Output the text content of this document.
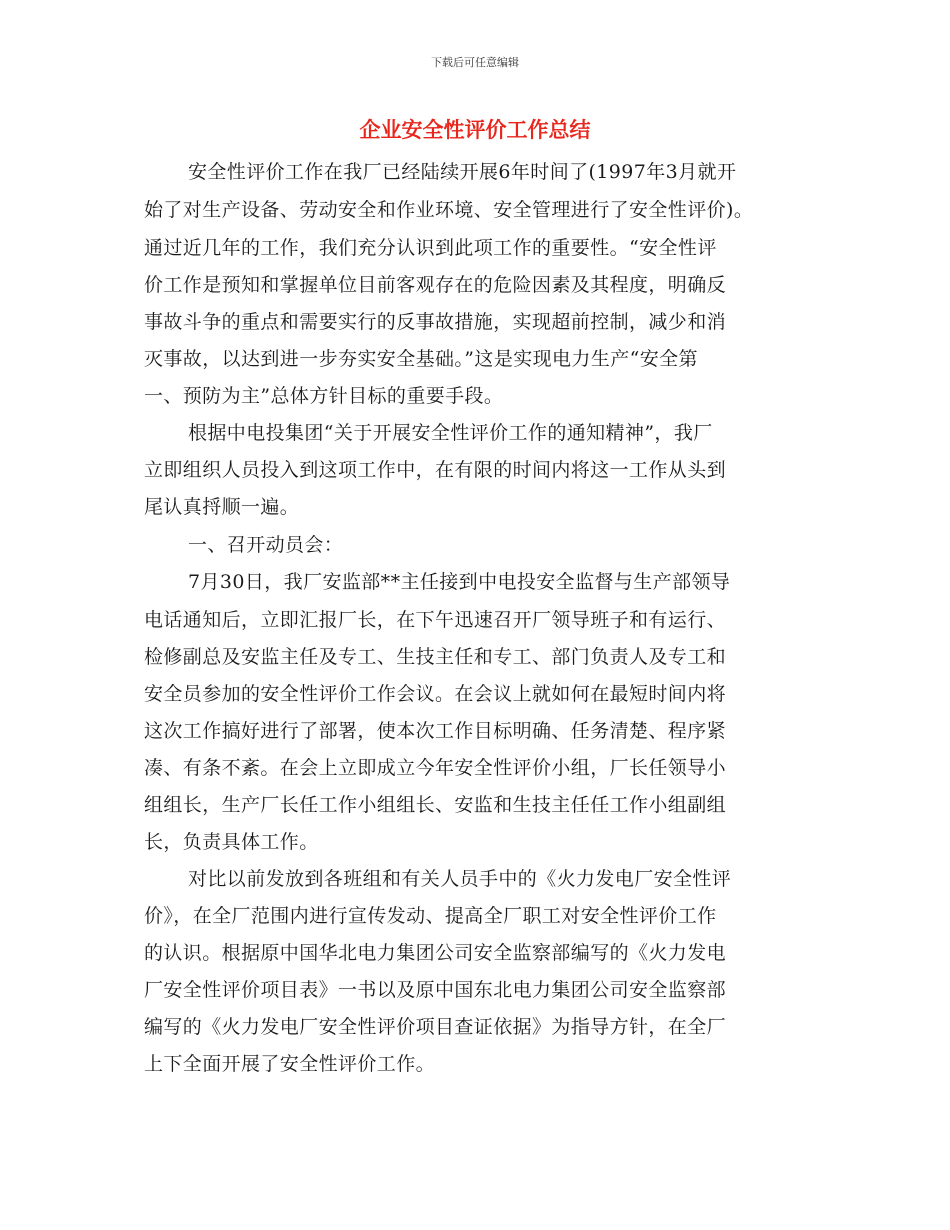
下载后可任意编辑
企业安全性评价工作总结
安全性评价工作在我厂已经陆续开展6年时间了(1997年3月就开
始了对生产设备、劳动安全和作业环境、安全管理进行了安全性评价)。
通过近几年的工作，我们充分认识到此项工作的重要性。“安全性评
价工作是预知和掌握单位目前客观存在的危险因素及其程度，明确反
事故斗争的重点和需要实行的反事故措施，实现超前控制，减少和消
灭事故，以达到进一步夯实安全基础。”这是实现电力生产“安全第
一、预防为主”总体方针目标的重要手段。
根据中电投集团“关于开展安全性评价工作的通知精神”，我厂
立即组织人员投入到这项工作中，在有限的时间内将这一工作从头到
尾认真捋顺一遍。
一、召开动员会：
7月30日，我厂安监部**主任接到中电投安全监督与生产部领导
电话通知后，立即汇报厂长，在下午迅速召开厂领导班子和有运行、
检修副总及安监主任及专工、生技主任和专工、部门负责人及专工和
安全员参加的安全性评价工作会议。在会议上就如何在最短时间内将
这次工作搞好进行了部署，使本次工作目标明确、任务清楚、程序紧
凑、有条不紊。在会上立即成立今年安全性评价小组，厂长任领导小
组组长，生产厂长任工作小组组长、安监和生技主任任工作小组副组
长，负责具体工作。
对比以前发放到各班组和有关人员手中的《火力发电厂安全性评
价》，在全厂范围内进行宣传发动、提高全厂职工对安全性评价工作
的认识。根据原中国华北电力集团公司安全监察部编写的《火力发电
厂安全性评价项目表》一书以及原中国东北电力集团公司安全监察部
编写的《火力发电厂安全性评价项目查证依据》为指导方针，在全厂
上下全面开展了安全性评价工作。
